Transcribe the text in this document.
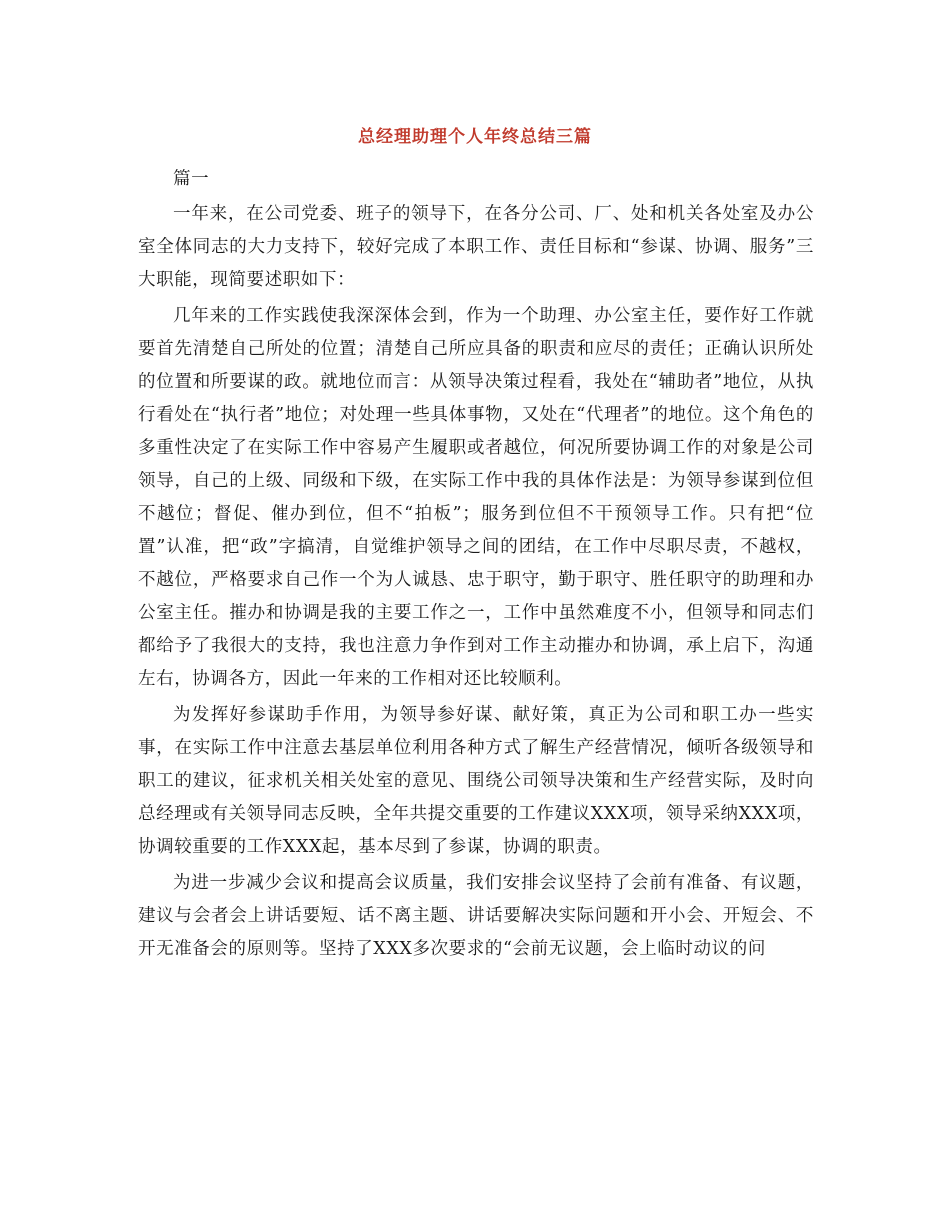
总经理助理个人年终总结三篇

篇一

一年来，在公司党委、班子的领导下，在各分公司、厂、处和机关各处室及办公室全体同志的大力支持下，较好完成了本职工作、责任目标和“参谋、协调、服务”三大职能，现简要述职如下：

几年来的工作实践使我深深体会到，作为一个助理、办公室主任，要作好工作就要首先清楚自己所处的位置；清楚自己所应具备的职责和应尽的责任；正确认识所处的位置和所要谋的政。就地位而言：从领导决策过程看，我处在“辅助者”地位，从执行看处在“执行者”地位；对处理一些具体事物，又处在“代理者”的地位。这个角色的多重性决定了在实际工作中容易产生履职或者越位，何况所要协调工作的对象是公司领导，自己的上级、同级和下级，在实际工作中我的具体作法是：为领导参谋到位但不越位；督促、催办到位，但不“拍板”；服务到位但不干预领导工作。只有把“位置”认准，把“政”字搞清，自觉维护领导之间的团结，在工作中尽职尽责，不越权，不越位，严格要求自己作一个为人诚恳、忠于职守，勤于职守、胜任职守的助理和办公室主任。摧办和协调是我的主要工作之一，工作中虽然难度不小，但领导和同志们都给予了我很大的支持，我也注意力争作到对工作主动摧办和协调，承上启下，沟通左右，协调各方，因此一年来的工作相对还比较顺利。

为发挥好参谋助手作用，为领导参好谋、献好策，真正为公司和职工办一些实事，在实际工作中注意去基层单位利用各种方式了解生产经营情况，倾听各级领导和职工的建议，征求机关相关处室的意见、围绕公司领导决策和生产经营实际，及时向总经理或有关领导同志反映，全年共提交重要的工作建议XXX项，领导采纳XXX项，协调较重要的工作XXX起，基本尽到了参谋，协调的职责。

为进一步减少会议和提高会议质量，我们安排会议坚持了会前有准备、有议题，建议与会者会上讲话要短、话不离主题、讲话要解决实际问题和开小会、开短会、不开无准备会的原则等。坚持了XXX多次要求的“会前无议题，会上临时动议的问
